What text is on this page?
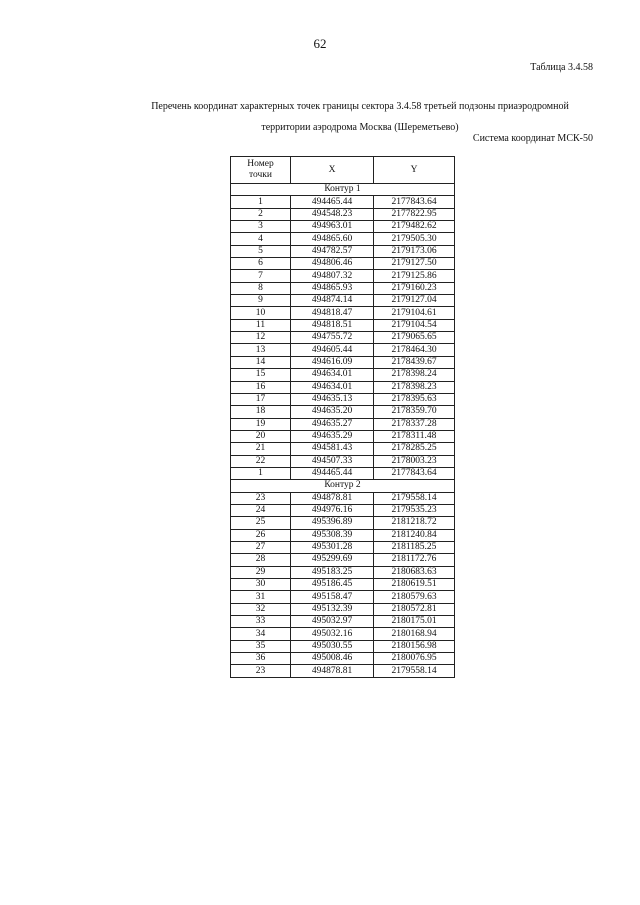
62
Таблица 3.4.58
Перечень координат характерных точек границы сектора 3.4.58 третьей подзоны приаэродромной
территории аэродрома Москва (Шереметьево)
Система координат МСК-50
Номер
точки	X	Y
Контур 1		
1	494465.44	2177843.64
2	494548.23	2177822.95
3	494963.01	2179482.62
4	494865.60	2179505.30
5	494782.57	2179173.06
6	494806.46	2179127.50
7	494807.32	2179125.86
8	494865.93	2179160.23
9	494874.14	2179127.04
10	494818.47	2179104.61
11	494818.51	2179104.54
12	494755.72	2179065.65
13	494605.44	2178464.30
14	494616.09	2178439.67
15	494634.01	2178398.24
16	494634.01	2178398.23
17	494635.13	2178395.63
18	494635.20	2178359.70
19	494635.27	2178337.28
20	494635.29	2178311.48
21	494581.43	2178285.25
22	494507.33	2178003.23
1	494465.44	2177843.64
Контур 2		
23	494878.81	2179558.14
24	494976.16	2179535.23
25	495396.89	2181218.72
26	495308.39	2181240.84
27	495301.28	2181185.25
28	495299.69	2181172.76
29	495183.25	2180683.63
30	495186.45	2180619.51
31	495158.47	2180579.63
32	495132.39	2180572.81
33	495032.97	2180175.01
34	495032.16	2180168.94
35	495030.55	2180156.98
36	495008.46	2180076.95
23	494878.81	2179558.14
